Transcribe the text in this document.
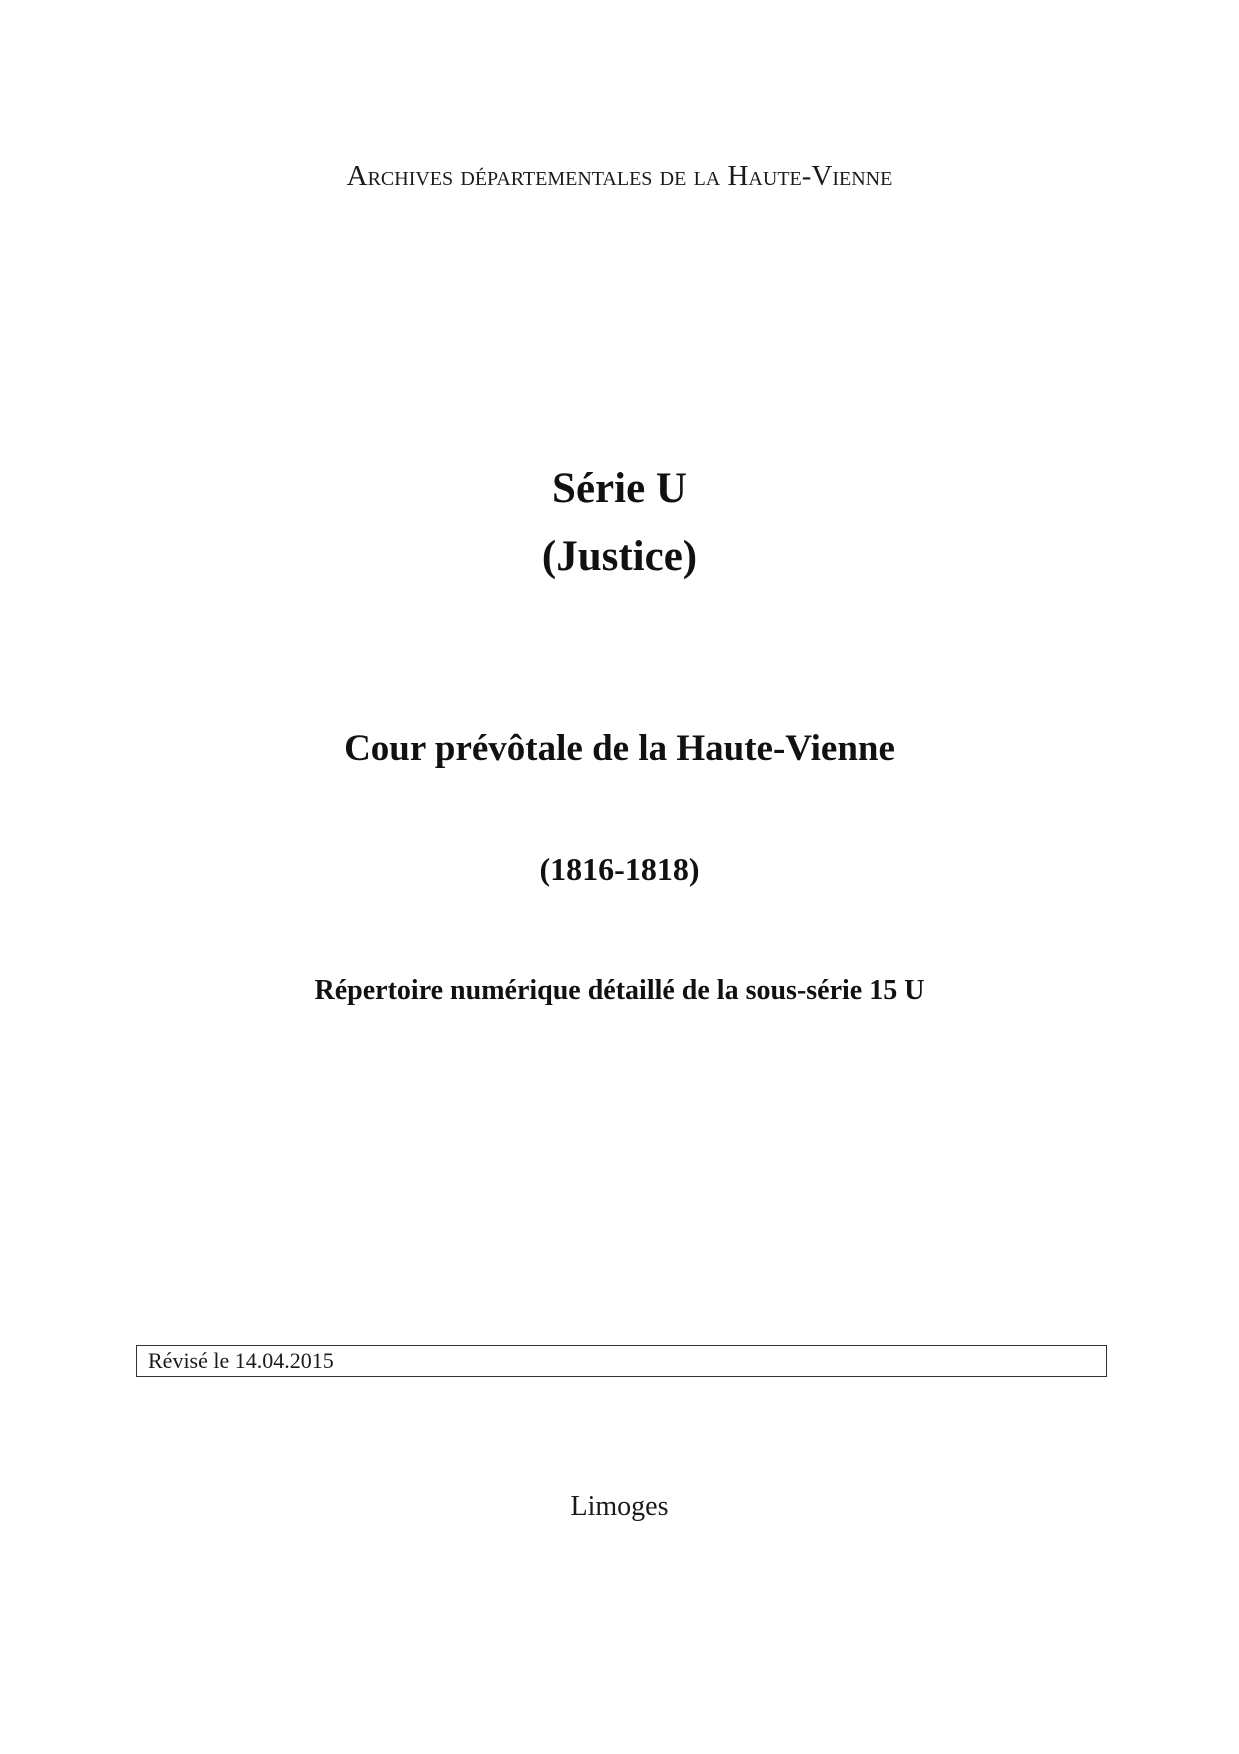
Archives départementales de la Haute-Vienne
Série U
(Justice)
Cour prévôtale de la Haute-Vienne
(1816-1818)
Répertoire numérique détaillé de la sous-série 15 U
Révisé le 14.04.2015
Limoges
